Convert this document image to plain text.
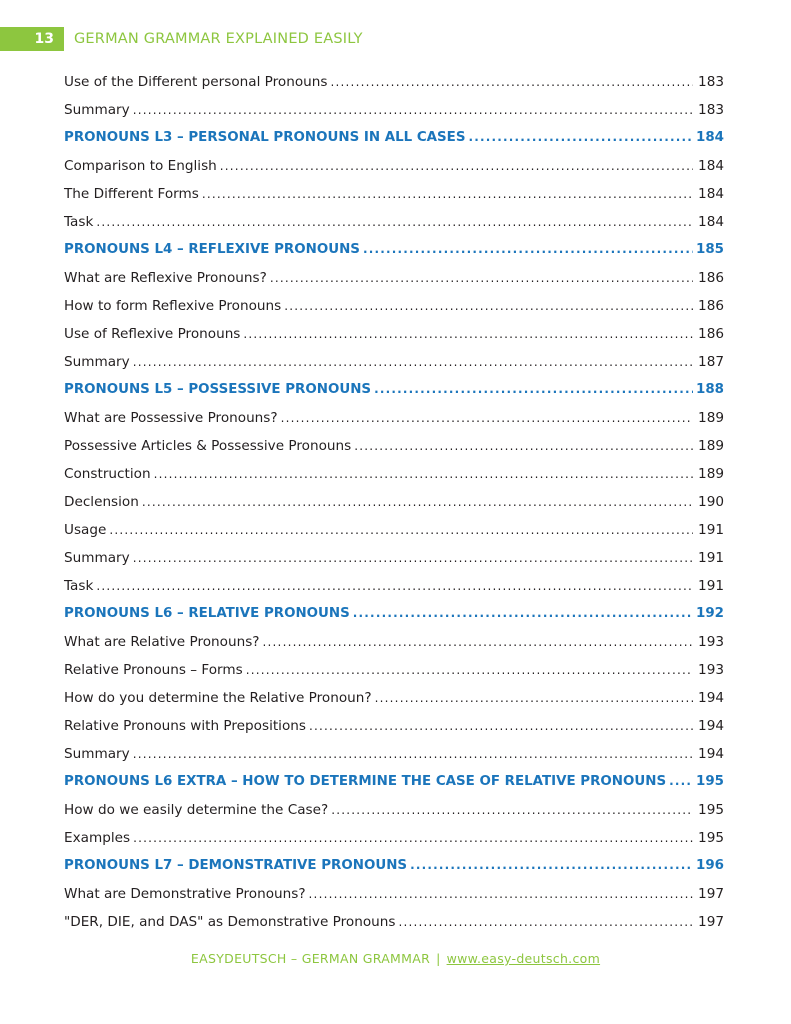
13	GERMAN GRAMMAR EXPLAINED EASILY
Use of the Different personal Pronouns .....	183
Summary .....	183
PRONOUNS L3 – PERSONAL PRONOUNS IN ALL CASES .....	184
Comparison to English .....	184
The Different Forms .....	184
Task .....	184
PRONOUNS L4 – REFLEXIVE PRONOUNS .....	185
What are Reflexive Pronouns? .....	186
How to form Reflexive Pronouns .....	186
Use of Reflexive Pronouns .....	186
Summary .....	187
PRONOUNS L5 – POSSESSIVE PRONOUNS .....	188
What are Possessive Pronouns? .....	189
Possessive Articles & Possessive Pronouns .....	189
Construction .....	189
Declension .....	190
Usage .....	191
Summary .....	191
Task .....	191
PRONOUNS L6 – RELATIVE PRONOUNS .....	192
What are Relative Pronouns? .....	193
Relative Pronouns – Forms .....	193
How do you determine the Relative Pronoun? .....	194
Relative Pronouns with Prepositions .....	194
Summary .....	194
PRONOUNS L6 EXTRA – HOW TO DETERMINE THE CASE OF RELATIVE PRONOUNS ..... 195
How do we easily determine the Case? .....	195
Examples .....	195
PRONOUNS L7 – DEMONSTRATIVE PRONOUNS .....	196
What are Demonstrative Pronouns? .....	197
"DER, DIE, and DAS" as Demonstrative Pronouns .....	197
EASYDEUTSCH – GERMAN GRAMMAR | www.easy-deutsch.com
